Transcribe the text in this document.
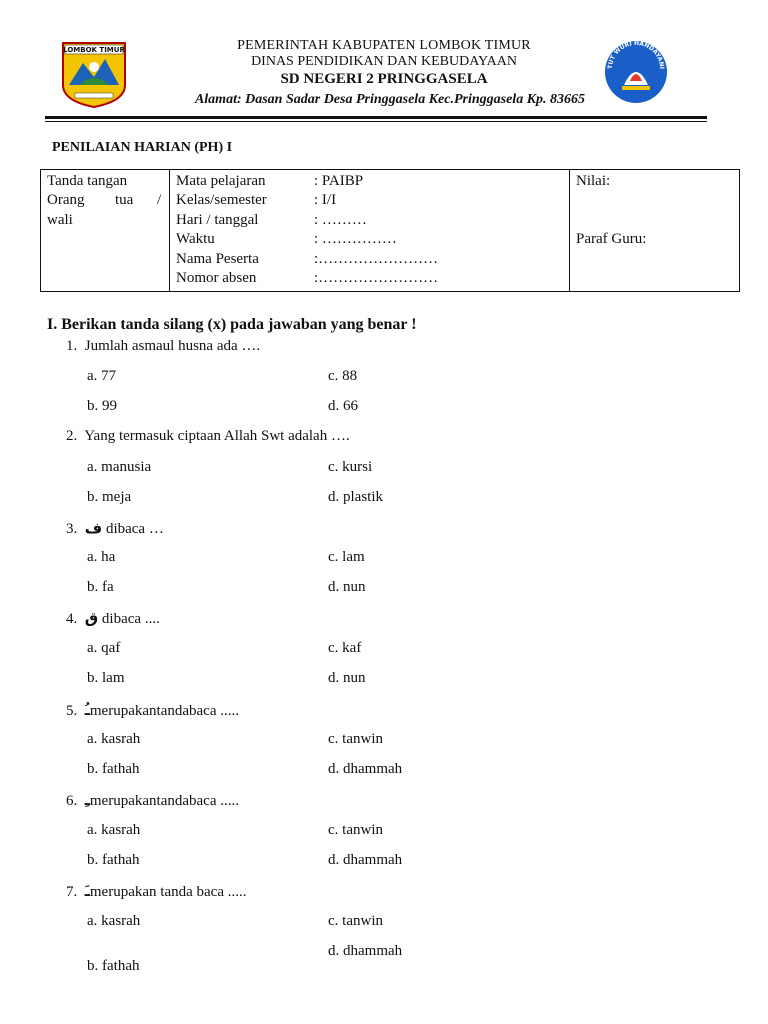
LOMBOK TIMUR
TUT WURI HANDAYANI
PEMERINTAH KABUPATEN LOMBOK TIMUR
DINAS PENDIDIKAN DAN KEBUDAYAAN
SD NEGERI 2 PRINGGASELA
Alamat: Dasan Sadar Desa Pringgasela Kec.Pringgasela Kp. 83665
PENILAIAN HARIAN (PH) I
Tanda tangan
Orang tua /
wali
Mata pelajaran	: PAIBP
Kelas/semester	: I/I
Hari / tanggal	: ………
Waktu	: ……………
Nama Peserta	:……………………
Nomor absen	:……………………
Nilai:
Paraf Guru:
I. Berikan tanda silang (x) pada jawaban yang benar !
1. Jumlah asmaul husna ada ….
a. 77
b. 99
c. 88
d. 66
2. Yang termasuk ciptaan Allah Swt adalah ….
a. manusia
b. meja
c. kursi
d. plastik
3. ف dibaca …
a. ha
b. fa
c. lam
d. nun
4. ق dibaca ....
a. qaf
b. lam
c. kaf
d. nun
5. ـُmerupakantandabaca .....
a. kasrah
b. fathah
c. tanwin
d. dhammah
6. ـِmerupakantandabaca .....
a. kasrah
b. fathah
c. tanwin
d. dhammah
7. ـَmerupakan tanda baca .....
a. kasrah
b. fathah
c. tanwin
d. dhammah
